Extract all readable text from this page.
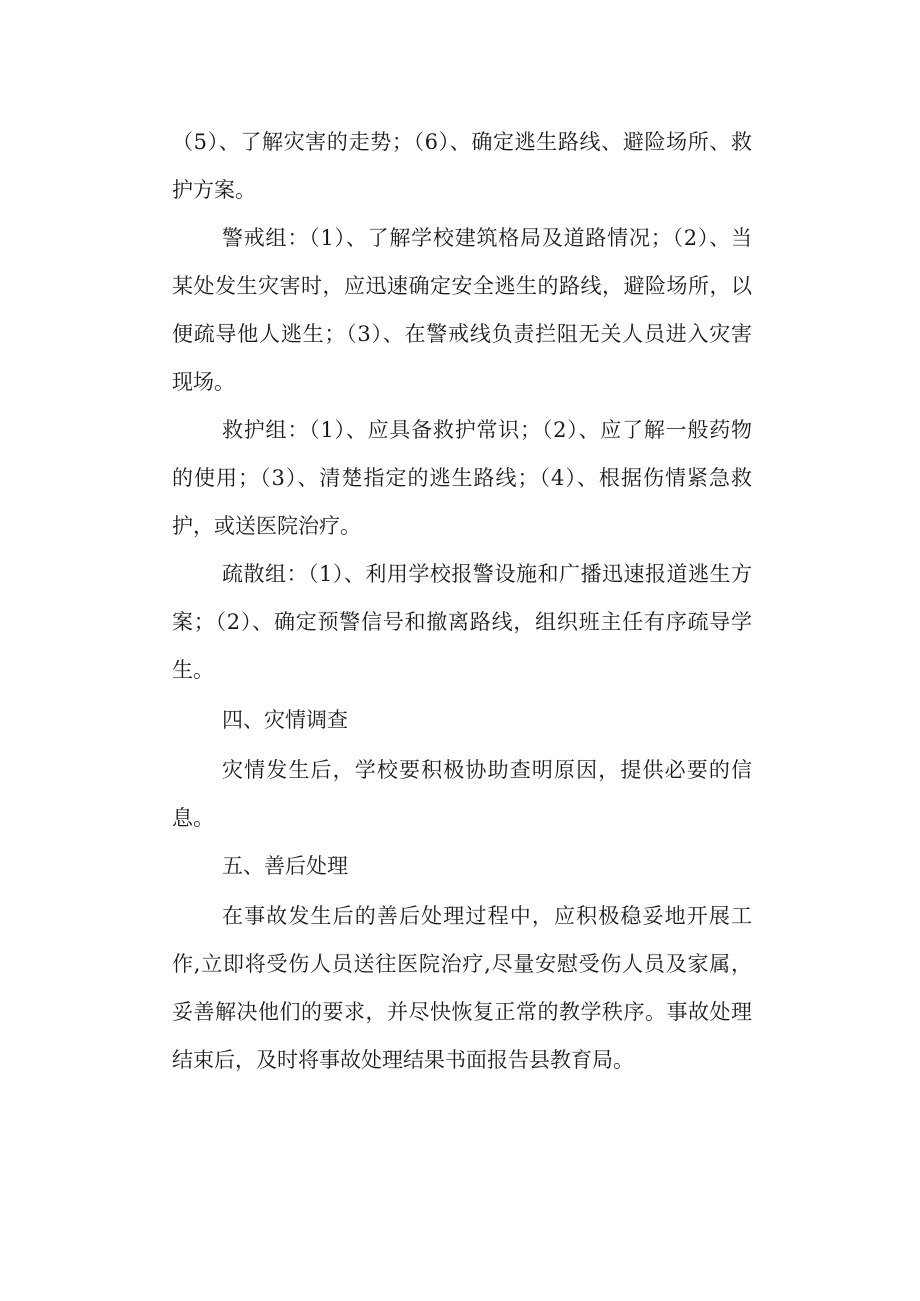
（5）、了解灾害的走势；（6）、确定逃生路线、避险场所、救护方案。

警戒组：（1）、了解学校建筑格局及道路情况；（2）、当某处发生灾害时，应迅速确定安全逃生的路线，避险场所，以便疏导他人逃生；（3）、在警戒线负责拦阻无关人员进入灾害现场。

救护组：（1）、应具备救护常识；（2）、应了解一般药物的使用；（3）、清楚指定的逃生路线；（4）、根据伤情紧急救护，或送医院治疗。

疏散组：（1）、利用学校报警设施和广播迅速报道逃生方案；（2）、确定预警信号和撤离路线，组织班主任有序疏导学生。

四、灾情调查

灾情发生后，学校要积极协助查明原因，提供必要的信息。

五、善后处理

在事故发生后的善后处理过程中，应积极稳妥地开展工作,立即将受伤人员送往医院治疗,尽量安慰受伤人员及家属，妥善解决他们的要求，并尽快恢复正常的教学秩序。事故处理结束后，及时将事故处理结果书面报告县教育局。
